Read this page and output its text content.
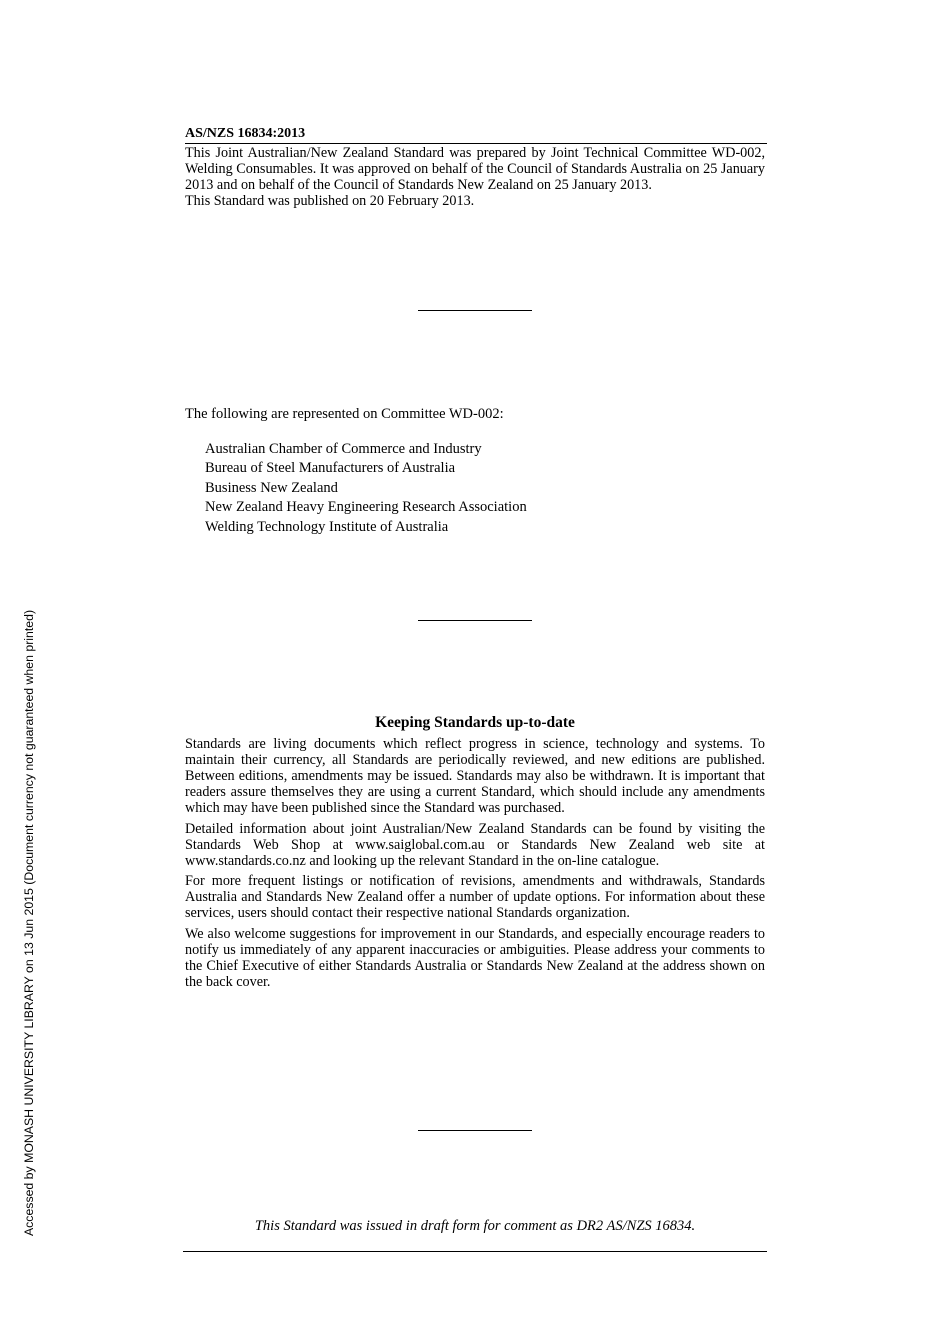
AS/NZS 16834:2013

This Joint Australian/New Zealand Standard was prepared by Joint Technical Committee WD-002, Welding Consumables. It was approved on behalf of the Council of Standards Australia on 25 January 2013 and on behalf of the Council of Standards New Zealand on 25 January 2013.

This Standard was published on 20 February 2013.

The following are represented on Committee WD-002:
Australian Chamber of Commerce and Industry
Bureau of Steel Manufacturers of Australia
Business New Zealand
New Zealand Heavy Engineering Research Association
Welding Technology Institute of Australia
Keeping Standards up-to-date

Standards are living documents which reflect progress in science, technology and systems. To maintain their currency, all Standards are periodically reviewed, and new editions are published. Between editions, amendments may be issued. Standards may also be withdrawn. It is important that readers assure themselves they are using a current Standard, which should include any amendments which may have been published since the Standard was purchased.

Detailed information about joint Australian/New Zealand Standards can be found by visiting the Standards Web Shop at www.saiglobal.com.au or Standards New Zealand web site at www.standards.co.nz and looking up the relevant Standard in the on-line catalogue.

For more frequent listings or notification of revisions, amendments and withdrawals, Standards Australia and Standards New Zealand offer a number of update options. For information about these services, users should contact their respective national Standards organization.

We also welcome suggestions for improvement in our Standards, and especially encourage readers to notify us immediately of any apparent inaccuracies or ambiguities. Please address your comments to the Chief Executive of either Standards Australia or Standards New Zealand at the address shown on the back cover.

This Standard was issued in draft form for comment as DR2 AS/NZS 16834.
Accessed by MONASH UNIVERSITY LIBRARY on 13 Jun 2015 (Document currency not guaranteed when printed)
